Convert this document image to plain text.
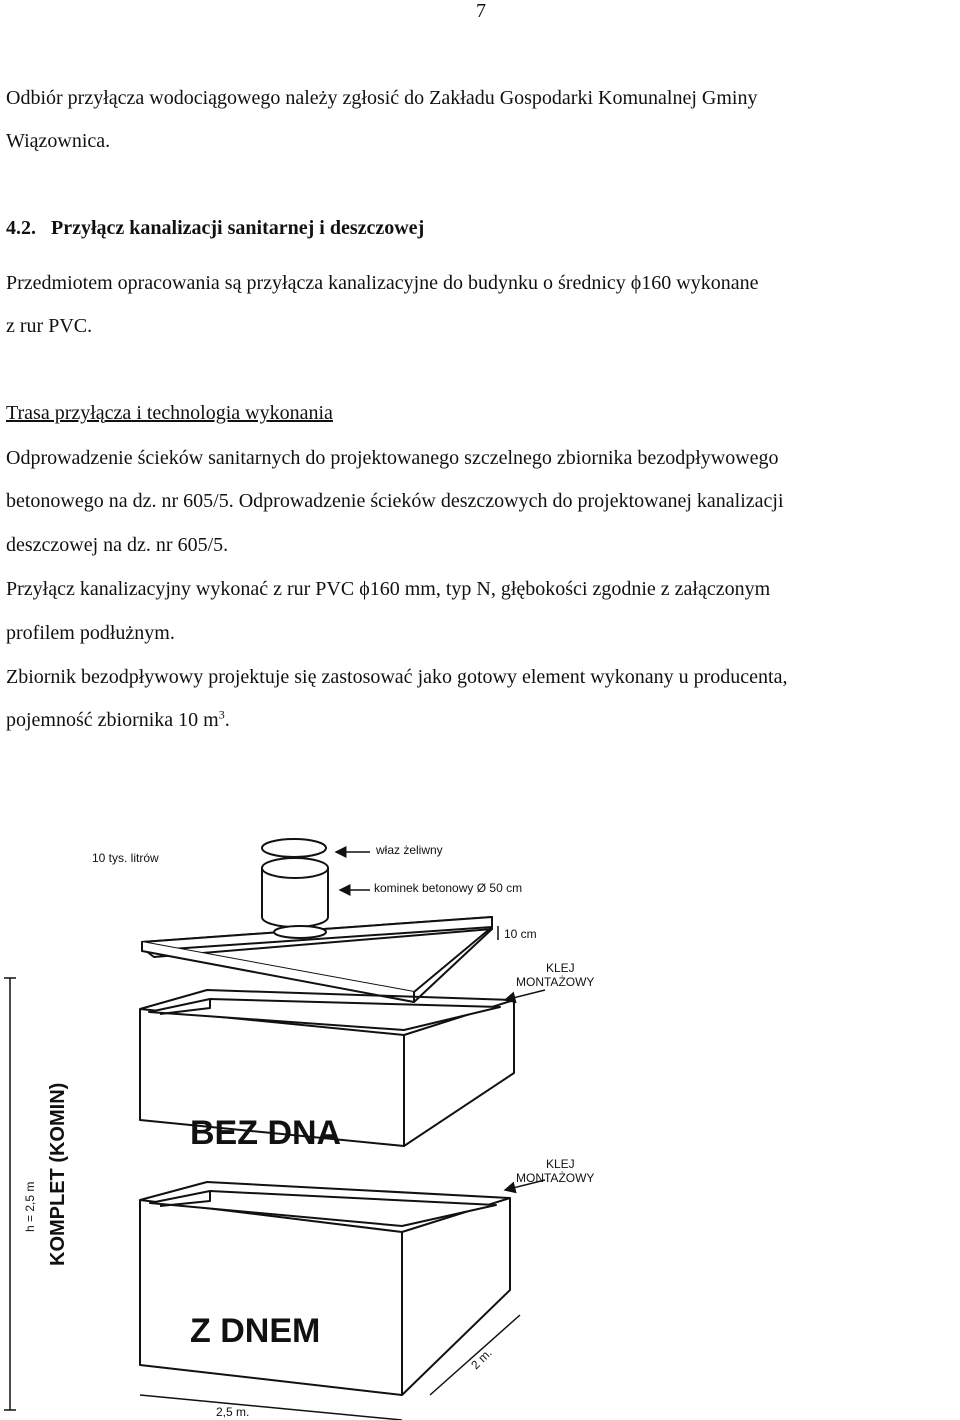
7
Odbiór przyłącza wodociągowego należy zgłosić do Zakładu Gospodarki Komunalnej Gminy
Wiązownica.
4.2. Przyłącz kanalizacji sanitarnej i deszczowej
Przedmiotem opracowania są przyłącza kanalizacyjne do budynku o średnicy ϕ160 wykonane
z rur PVC.
Trasa przyłącza i technologia wykonania
Odprowadzenie ścieków sanitarnych do projektowanego szczelnego zbiornika bezodpływowego
betonowego na dz. nr 605/5. Odprowadzenie ścieków deszczowych do projektowanej kanalizacji
deszczowej na dz. nr 605/5.
Przyłącz kanalizacyjny wykonać z rur PVC ϕ160 mm, typ N, głębokości zgodnie z załączonym
profilem podłużnym.
Zbiornik bezodpływowy projektuje się zastosować jako gotowy element wykonany u producenta,
pojemność zbiornika 10 $m^3$.
10 tys. litrów
właz żeliwny
kominek betonowy Ø 50 cm
10 cm
KLEJ
MONTAŻOWY
KLEJ
MONTAŻOWY
BEZ DNA
Z DNEM
h = 2,5 m KOMPLET (KOMIN)
2,5 m.
2 m.
